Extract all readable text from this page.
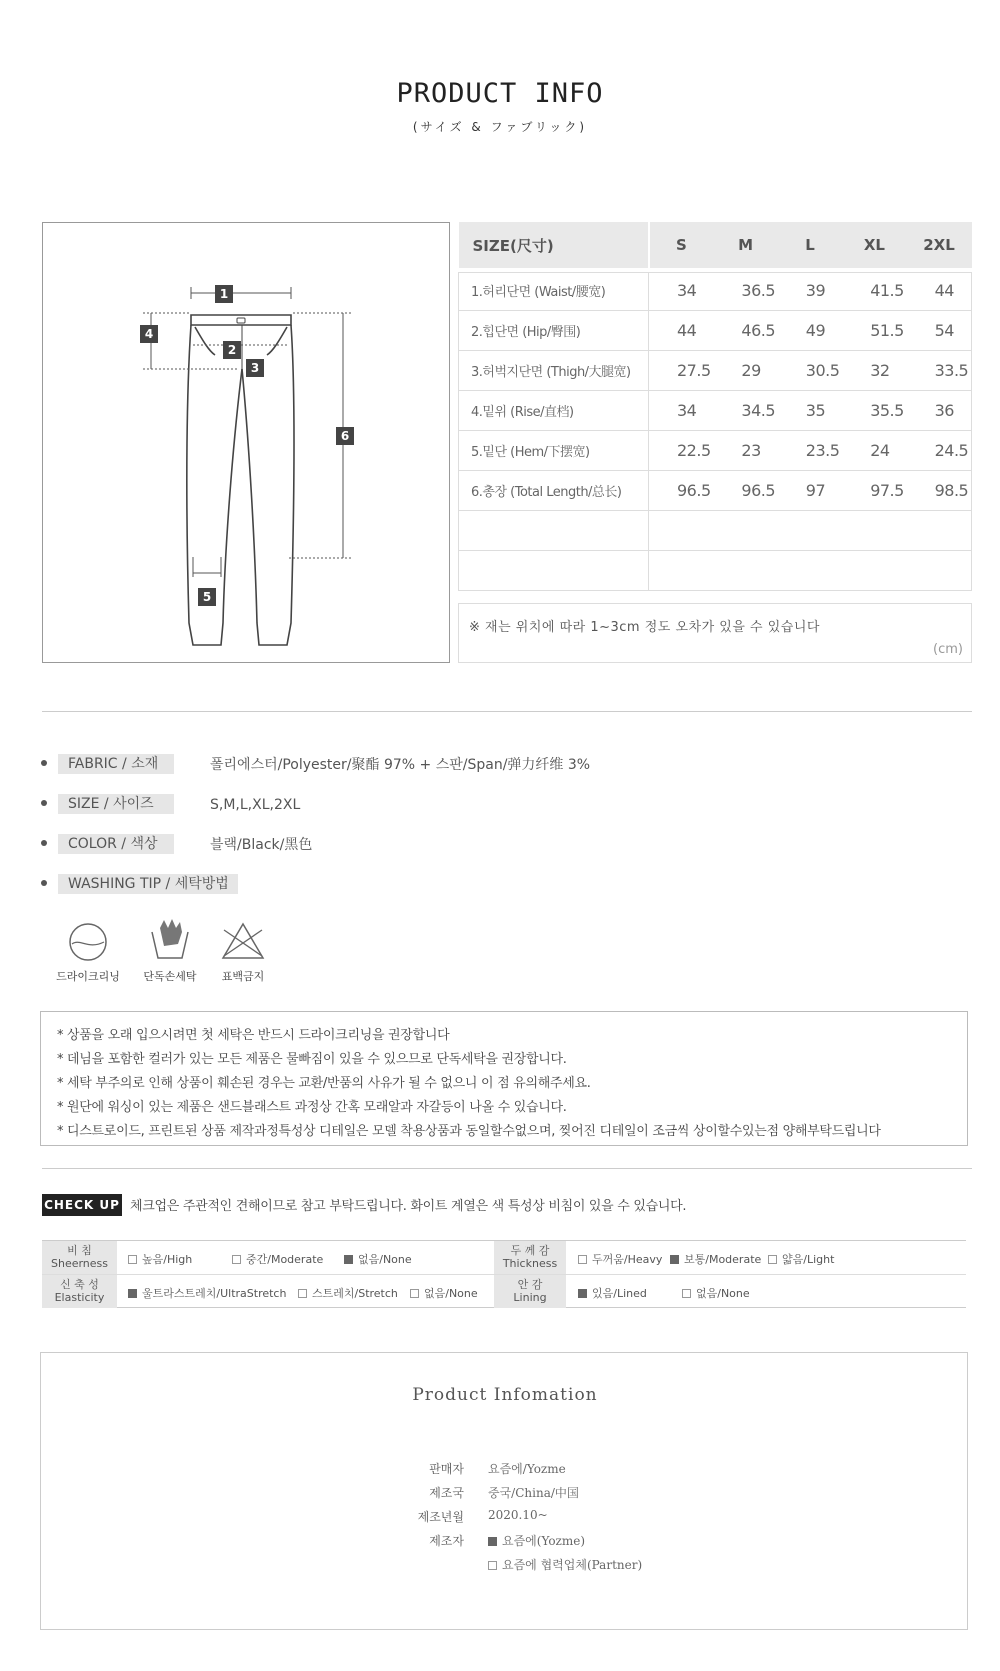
PRODUCT INFO
(サイズ & ファブリック)
1
4
2
3
6
5
SIZE(尺寸)	S	M	L	XL	2XL
1.허리단면 (Waist/腰宽)	34	36.5	39	41.5	44
2.힙단면 (Hip/臀围)	44	46.5	49	51.5	54
3.허벅지단면 (Thigh/大腿宽)	27.5	29	30.5	32	33.5
4.밑위 (Rise/直档)	34	34.5	35	35.5	36
5.밑단 (Hem/下摆宽)	22.5	23	23.5	24	24.5
6.총장 (Total Length/总长)	96.5	96.5	97	97.5	98.5

※ 재는 위치에 따라 1~3cm 정도 오차가 있을 수 있습니다
(cm)
FABRIC / 소재	폴리에스터/Polyester/聚酯 97% + 스판/Span/弹力纤维 3%
SIZE / 사이즈	S,M,L,XL,2XL
COLOR / 색상	블랙/Black/黑色
WASHING TIP / 세탁방법
드라이크리닝	단독손세탁	표백금지
* 상품을 오래 입으시려면 첫 세탁은 반드시 드라이크리닝을 권장합니다
* 데님을 포함한 컬러가 있는 모든 제품은 물빠짐이 있을 수 있으므로 단독세탁을 권장합니다.
* 세탁 부주의로 인해 상품이 훼손된 경우는 교환/반품의 사유가 될 수 없으니 이 점 유의해주세요.
* 원단에 워싱이 있는 제품은 샌드블래스트 과정상 간혹 모래알과 자갈등이 나올 수 있습니다.
* 디스트로이드, 프린트된 상품 제작과정특성상 디테일은 모델 착용상품과 동일할수없으며, 찢어진 디테일이 조금씩 상이할수있는점 양해부탁드립니다
CHECK UP 체크업은 주관적인 견해이므로 참고 부탁드립니다. 화이트 계열은 색 특성상 비침이 있을 수 있습니다.
비 침
Sheerness	높음/High	중간/Moderate	없음/None
두 께 감
Thickness	두꺼움/Heavy	보통/Moderate	얇음/Light
신 축 성
Elasticity	울트라스트레치/UltraStretch	스트레치/Stretch	없음/None
안 감
Lining	있음/Lined	없음/None
Product Infomation
판매자 요즘에/Yozme
제조국 중국/China/中国
제조년월 2020.10~
제조자	요즘에(Yozme)
요즘에 협력업체(Partner)
